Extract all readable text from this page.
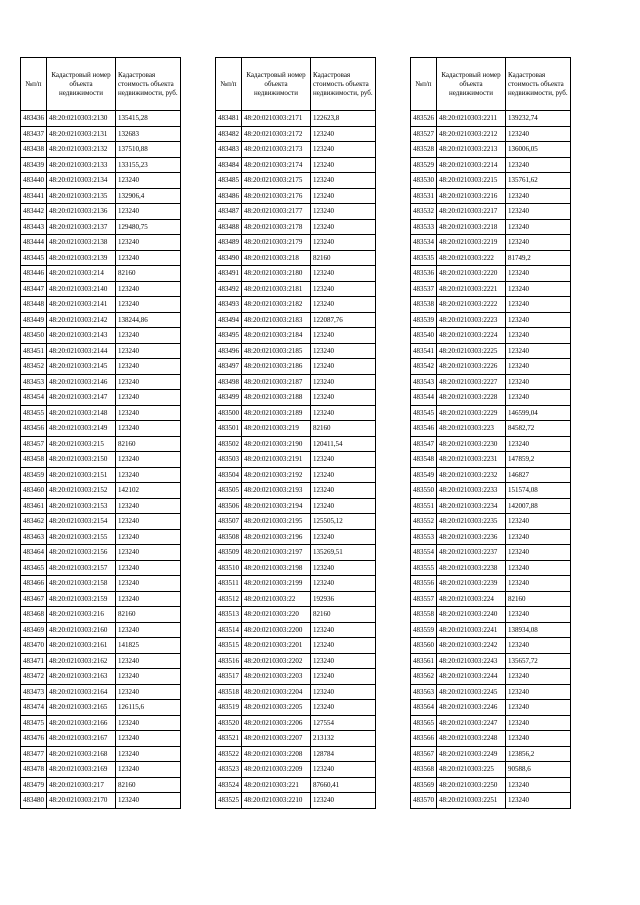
№п/п	Кадастровый номер объекта недвижимости	Кадастровая стоимость объекта недвижимости, руб.
483436	48:20:0210303:2130	135415,28
483437	48:20:0210303:2131	132683
483438	48:20:0210303:2132	137510,88
483439	48:20:0210303:2133	133155,23
483440	48:20:0210303:2134	123240
483441	48:20:0210303:2135	132906,4
483442	48:20:0210303:2136	123240
483443	48:20:0210303:2137	129480,75
483444	48:20:0210303:2138	123240
483445	48:20:0210303:2139	123240
483446	48:20:0210303:214	82160
483447	48:20:0210303:2140	123240
483448	48:20:0210303:2141	123240
483449	48:20:0210303:2142	138244,86
483450	48:20:0210303:2143	123240
483451	48:20:0210303:2144	123240
483452	48:20:0210303:2145	123240
483453	48:20:0210303:2146	123240
483454	48:20:0210303:2147	123240
483455	48:20:0210303:2148	123240
483456	48:20:0210303:2149	123240
483457	48:20:0210303:215	82160
483458	48:20:0210303:2150	123240
483459	48:20:0210303:2151	123240
483460	48:20:0210303:2152	142102
483461	48:20:0210303:2153	123240
483462	48:20:0210303:2154	123240
483463	48:20:0210303:2155	123240
483464	48:20:0210303:2156	123240
483465	48:20:0210303:2157	123240
483466	48:20:0210303:2158	123240
483467	48:20:0210303:2159	123240
483468	48:20:0210303:216	82160
483469	48:20:0210303:2160	123240
483470	48:20:0210303:2161	141825
483471	48:20:0210303:2162	123240
483472	48:20:0210303:2163	123240
483473	48:20:0210303:2164	123240
483474	48:20:0210303:2165	126115,6
483475	48:20:0210303:2166	123240
483476	48:20:0210303:2167	123240
483477	48:20:0210303:2168	123240
483478	48:20:0210303:2169	123240
483479	48:20:0210303:217	82160
483480	48:20:0210303:2170	123240
№п/п	Кадастровый номер объекта недвижимости	Кадастровая стоимость объекта недвижимости, руб.
483481	48:20:0210303:2171	122623,8
483482	48:20:0210303:2172	123240
483483	48:20:0210303:2173	123240
483484	48:20:0210303:2174	123240
483485	48:20:0210303:2175	123240
483486	48:20:0210303:2176	123240
483487	48:20:0210303:2177	123240
483488	48:20:0210303:2178	123240
483489	48:20:0210303:2179	123240
483490	48:20:0210303:218	82160
483491	48:20:0210303:2180	123240
483492	48:20:0210303:2181	123240
483493	48:20:0210303:2182	123240
483494	48:20:0210303:2183	122087,76
483495	48:20:0210303:2184	123240
483496	48:20:0210303:2185	123240
483497	48:20:0210303:2186	123240
483498	48:20:0210303:2187	123240
483499	48:20:0210303:2188	123240
483500	48:20:0210303:2189	123240
483501	48:20:0210303:219	82160
483502	48:20:0210303:2190	120411,54
483503	48:20:0210303:2191	123240
483504	48:20:0210303:2192	123240
483505	48:20:0210303:2193	123240
483506	48:20:0210303:2194	123240
483507	48:20:0210303:2195	125505,12
483508	48:20:0210303:2196	123240
483509	48:20:0210303:2197	135269,51
483510	48:20:0210303:2198	123240
483511	48:20:0210303:2199	123240
483512	48:20:0210303:22	192936
483513	48:20:0210303:220	82160
483514	48:20:0210303:2200	123240
483515	48:20:0210303:2201	123240
483516	48:20:0210303:2202	123240
483517	48:20:0210303:2203	123240
483518	48:20:0210303:2204	123240
483519	48:20:0210303:2205	123240
483520	48:20:0210303:2206	127554
483521	48:20:0210303:2207	213132
483522	48:20:0210303:2208	128784
483523	48:20:0210303:2209	123240
483524	48:20:0210303:221	87660,41
483525	48:20:0210303:2210	123240
№п/п	Кадастровый номер объекта недвижимости	Кадастровая стоимость объекта недвижимости, руб.
483526	48:20:0210303:2211	139232,74
483527	48:20:0210303:2212	123240
483528	48:20:0210303:2213	136006,05
483529	48:20:0210303:2214	123240
483530	48:20:0210303:2215	135761,62
483531	48:20:0210303:2216	123240
483532	48:20:0210303:2217	123240
483533	48:20:0210303:2218	123240
483534	48:20:0210303:2219	123240
483535	48:20:0210303:222	81749,2
483536	48:20:0210303:2220	123240
483537	48:20:0210303:2221	123240
483538	48:20:0210303:2222	123240
483539	48:20:0210303:2223	123240
483540	48:20:0210303:2224	123240
483541	48:20:0210303:2225	123240
483542	48:20:0210303:2226	123240
483543	48:20:0210303:2227	123240
483544	48:20:0210303:2228	123240
483545	48:20:0210303:2229	146599,04
483546	48:20:0210303:223	84582,72
483547	48:20:0210303:2230	123240
483548	48:20:0210303:2231	147859,2
483549	48:20:0210303:2232	146827
483550	48:20:0210303:2233	151574,08
483551	48:20:0210303:2234	142007,88
483552	48:20:0210303:2235	123240
483553	48:20:0210303:2236	123240
483554	48:20:0210303:2237	123240
483555	48:20:0210303:2238	123240
483556	48:20:0210303:2239	123240
483557	48:20:0210303:224	82160
483558	48:20:0210303:2240	123240
483559	48:20:0210303:2241	138934,08
483560	48:20:0210303:2242	123240
483561	48:20:0210303:2243	135657,72
483562	48:20:0210303:2244	123240
483563	48:20:0210303:2245	123240
483564	48:20:0210303:2246	123240
483565	48:20:0210303:2247	123240
483566	48:20:0210303:2248	123240
483567	48:20:0210303:2249	123856,2
483568	48:20:0210303:225	90588,6
483569	48:20:0210303:2250	123240
483570	48:20:0210303:2251	123240
